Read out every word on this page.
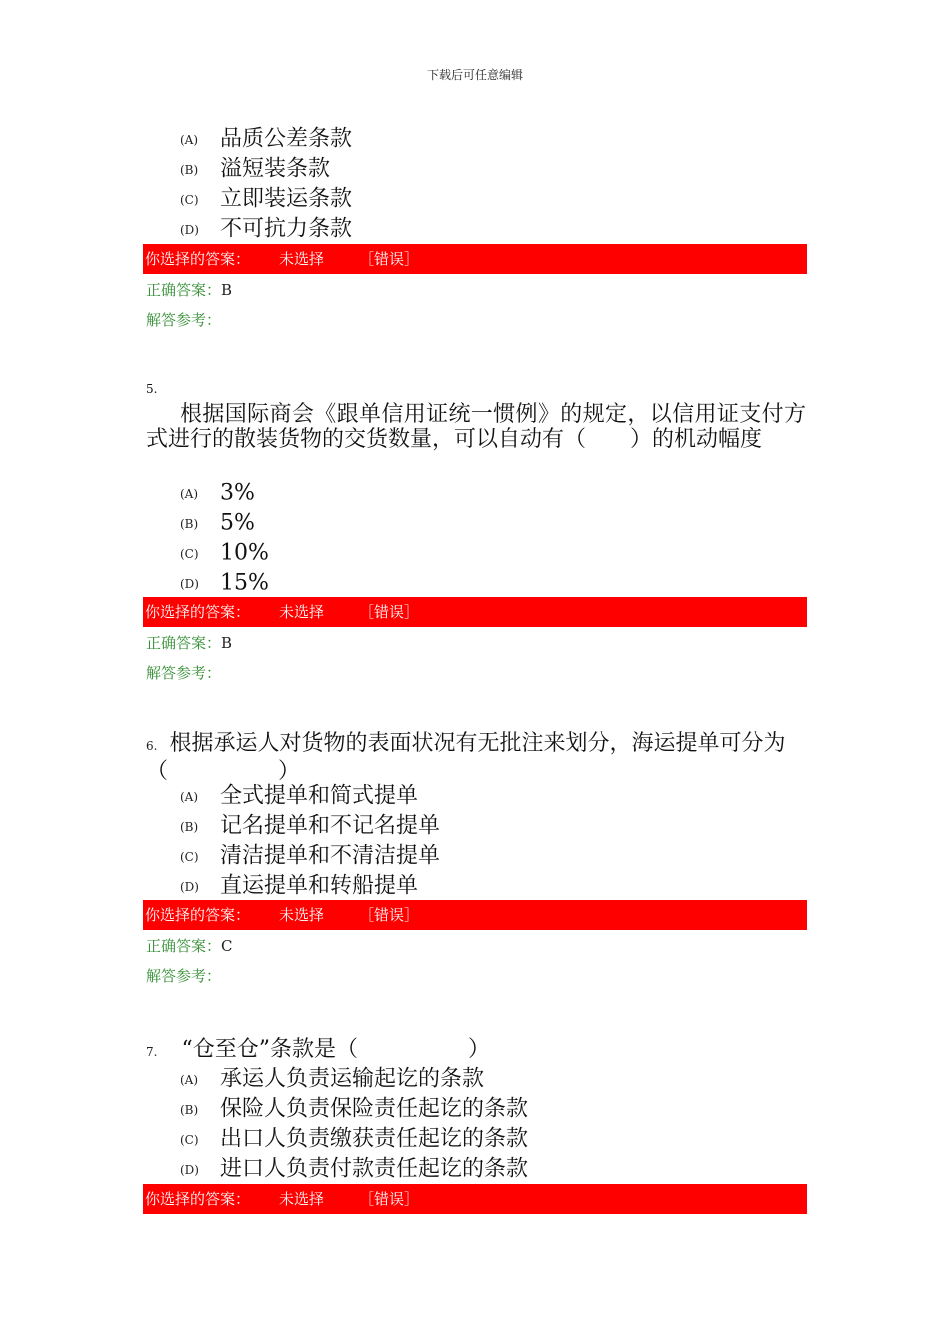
下载后可任意编辑
(A) 品质公差条款
(B) 溢短装条款
(C) 立即装运条款
(D) 不可抗力条款
你选择的答案： 未选择 ［错误］
正确答案：B
解答参考：
5.
根据国际商会《跟单信用证统一惯例》的规定，以信用证支付方式进行的散装货物的交货数量，可以自动有（　　）的机动幅度
(A) 3%
(B) 5%
(C) 10%
(D) 15%
你选择的答案： 未选择 ［错误］
正确答案：B
解答参考：
6. 根据承运人对货物的表面状况有无批注来划分，海运提单可分为（　　　　　）
(A) 全式提单和简式提单
(B) 记名提单和不记名提单
(C) 清洁提单和不清洁提单
(D) 直运提单和转船提单
你选择的答案： 未选择 ［错误］
正确答案：C
解答参考：
7. “仓至仓”条款是（　　　　　）
(A) 承运人负责运输起讫的条款
(B) 保险人负责保险责任起讫的条款
(C) 出口人负责缴获责任起讫的条款
(D) 进口人负责付款责任起讫的条款
你选择的答案： 未选择 ［错误］
